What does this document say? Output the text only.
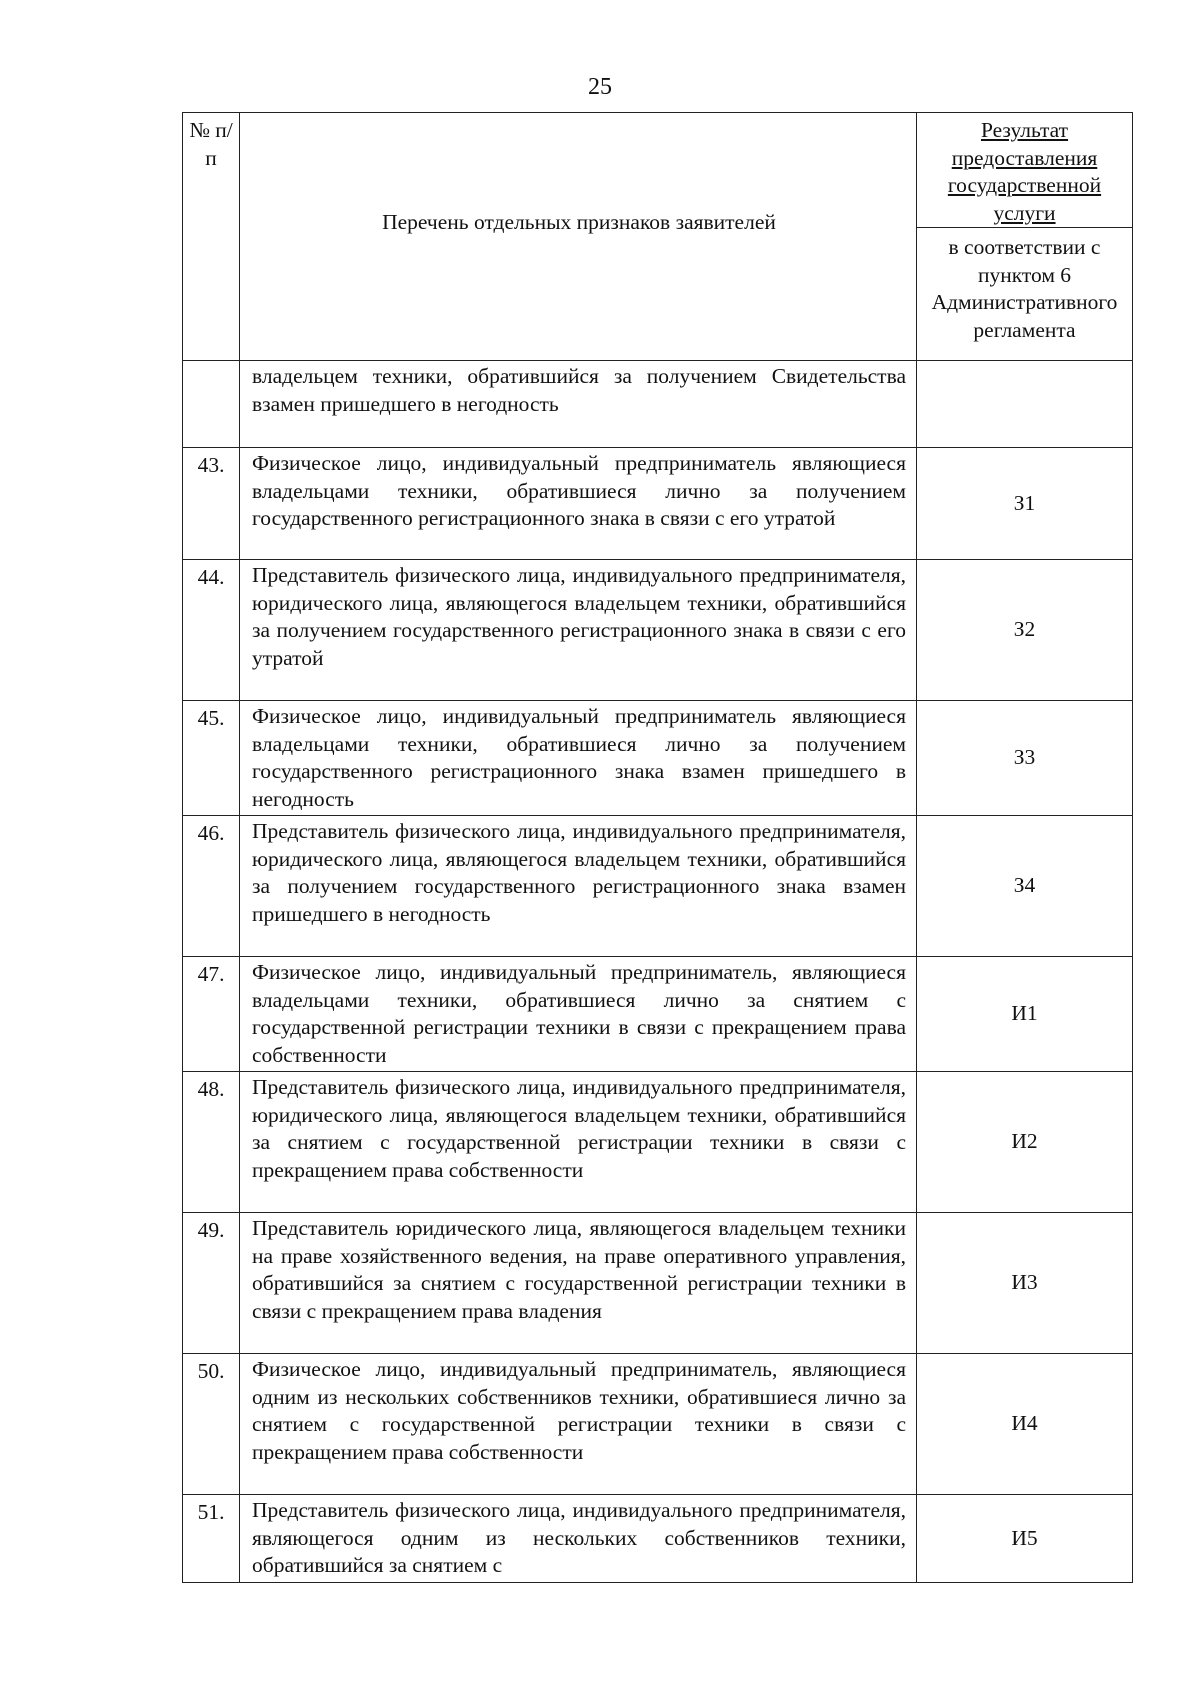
25
№ п/п	Перечень отдельных признаков заявителей	Результат предоставления государственной услуги

		в соответствии с пунктом 6 Административного регламента

	владельцем техники, обратившийся за получением Свидетельства взамен пришедшего в негодность	
43.	Физическое лицо, индивидуальный предприниматель являющиеся владельцами техники, обратившиеся лично за получением государственного регистрационного знака в связи с его утратой	З1
44.	Представитель физического лица, индивидуального предпринимателя, юридического лица, являющегося владельцем техники, обратившийся за получением государственного регистрационного знака в связи с его утратой	З2
45.	Физическое лицо, индивидуальный предприниматель являющиеся владельцами техники, обратившиеся лично за получением государственного регистрационного знака взамен пришедшего в негодность	З3
46.	Представитель физического лица, индивидуального предпринимателя, юридического лица, являющегося владельцем техники, обратившийся за получением государственного регистрационного знака взамен пришедшего в негодность	З4
47.	Физическое лицо, индивидуальный предприниматель, являющиеся владельцами техники, обратившиеся лично за снятием с государственной регистрации техники в связи с прекращением права собственности	И1
48.	Представитель физического лица, индивидуального предпринимателя, юридического лица, являющегося владельцем техники, обратившийся за снятием с государственной регистрации техники в связи с прекращением права собственности	И2
49.	Представитель юридического лица, являющегося владельцем техники на праве хозяйственного ведения, на праве оперативного управления, обратившийся за снятием с государственной регистрации техники в связи с прекращением права владения	И3
50.	Физическое лицо, индивидуальный предприниматель, являющиеся одним из нескольких собственников техники, обратившиеся лично за снятием с государственной регистрации техники в связи с прекращением права собственности	И4
51.	Представитель физического лица, индивидуального предпринимателя, являющегося одним из нескольких собственников техники, обратившийся за снятием с	И5
